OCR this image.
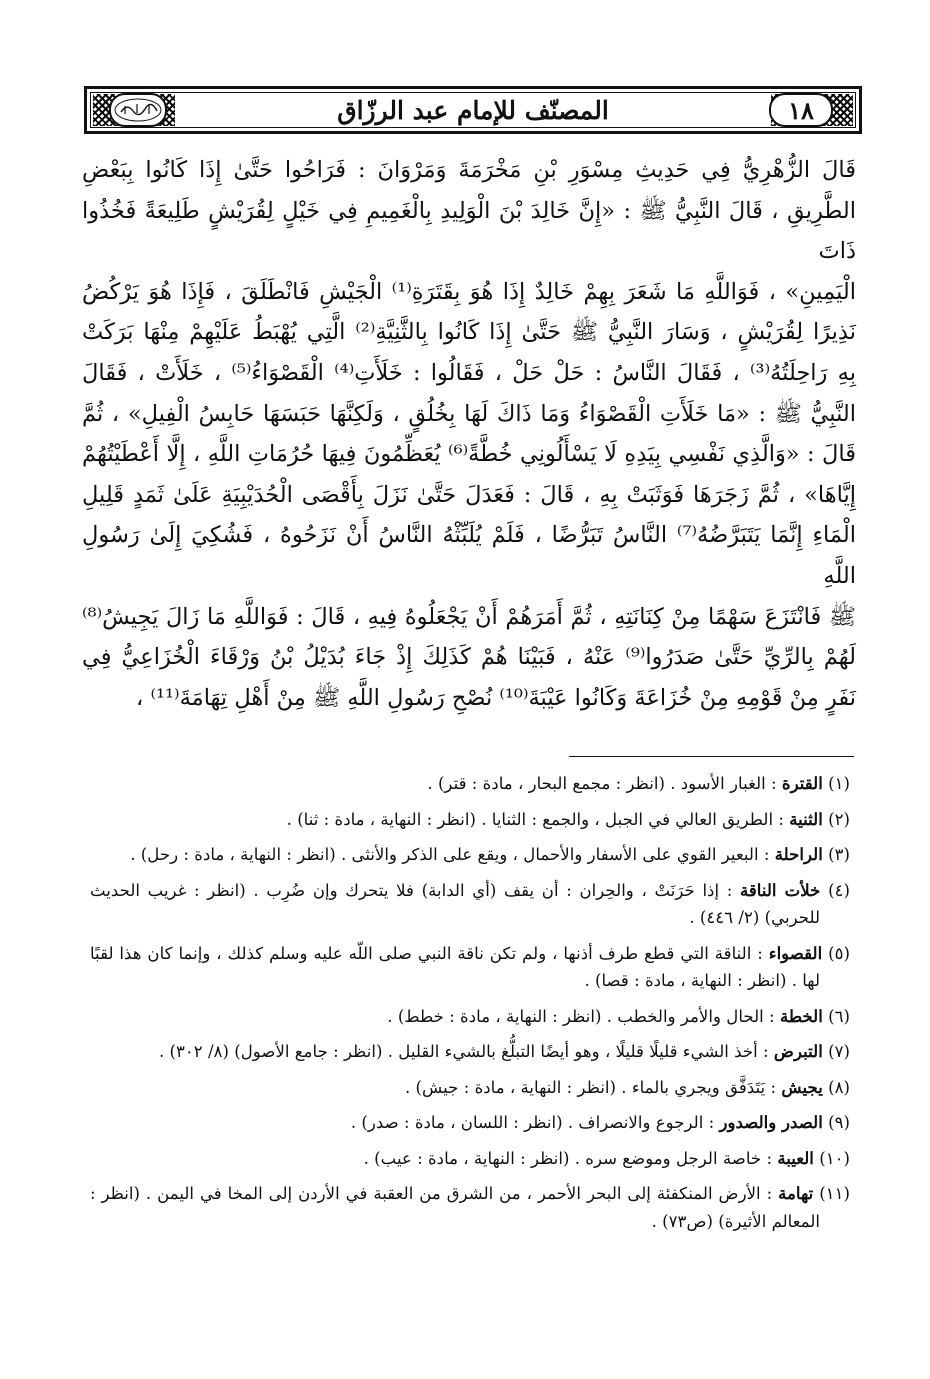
١٨
المصنّف للإمام عبد الرزّاق
قَالَ الزُّهْرِيُّ فِي حَدِيثِ مِسْوَرِ بْنِ مَخْرَمَةَ وَمَرْوَانَ : فَرَاحُوا حَتَّىٰ إِذَا كَانُوا بِبَعْضِ
الطَّرِيقِ ، قَالَ النَّبِيُّ ﷺ : «إِنَّ خَالِدَ بْنَ الْوَلِيدِ بِالْغَمِيمِ فِي خَيْلٍ لِقُرَيْشٍ طَلِيعَةً فَخُذُوا ذَاتَ
الْيَمِينِ» ، فَوَاللَّهِ مَا شَعَرَ بِهِمْ خَالِدٌ إِذَا هُوَ بِقَتَرَةِ⁽¹⁾ الْجَيْشِ فَانْطَلَقَ ، فَإِذَا هُوَ يَرْكُضُ
نَذِيرًا لِقُرَيْشٍ ، وَسَارَ النَّبِيُّ ﷺ حَتَّىٰ إِذَا كَانُوا بِالثَّنِيَّةِ⁽²⁾ الَّتِي يُهْبَطُ عَلَيْهِمْ مِنْهَا بَرَكَتْ
بِهِ رَاحِلَتُهُ⁽³⁾ ، فَقَالَ النَّاسُ : حَلْ حَلْ ، فَقَالُوا : خَلَأَتِ⁽⁴⁾ الْقَصْوَاءُ⁽⁵⁾ ، خَلَأَتْ ، فَقَالَ
النَّبِيُّ ﷺ : «مَا خَلَأَتِ الْقَصْوَاءُ وَمَا ذَاكَ لَهَا بِخُلُقٍ ، وَلَكِنَّهَا حَبَسَهَا حَابِسُ الْفِيلِ» ، ثُمَّ
قَالَ : «وَالَّذِي نَفْسِي بِيَدِهِ لَا يَسْأَلُونِي خُطَّةً⁽⁶⁾ يُعَظِّمُونَ فِيهَا حُرُمَاتِ اللَّهِ ، إِلَّا أَعْطَيْتُهُمْ
إِيَّاهَا» ، ثُمَّ زَجَرَهَا فَوَثَبَتْ بِهِ ، قَالَ : فَعَدَلَ حَتَّىٰ نَزَلَ بِأَقْصَى الْحُدَيْبِيَةِ عَلَىٰ ثَمَدٍ قَلِيلِ
الْمَاءِ إِنَّمَا يَتَبَرَّضُهُ⁽⁷⁾ النَّاسُ تَبَرُّضًا ، فَلَمْ يُلَبِّثْهُ النَّاسُ أَنْ نَزَحُوهُ ، فَشُكِيَ إِلَىٰ رَسُولِ اللَّهِ
ﷺ فَانْتَزَعَ سَهْمًا مِنْ كِنَانَتِهِ ، ثُمَّ أَمَرَهُمْ أَنْ يَجْعَلُوهُ فِيهِ ، قَالَ : فَوَاللَّهِ مَا زَالَ يَجِيشُ⁽⁸⁾
لَهُمْ بِالرِّيِّ حَتَّىٰ صَدَرُوا⁽⁹⁾ عَنْهُ ، فَبَيْنَا هُمْ كَذَلِكَ إِذْ جَاءَ بُدَيْلُ بْنُ وَرْقَاءَ الْخُزَاعِيُّ فِي
نَفَرٍ مِنْ قَوْمِهِ مِنْ خُزَاعَةَ وَكَانُوا عَيْبَةَ⁽¹⁰⁾ نُصْحِ رَسُولِ اللَّهِ ﷺ مِنْ أَهْلِ تِهَامَةَ⁽¹¹⁾ ،
(١) القترة : الغبار الأسود . (انظر : مجمع البحار ، مادة : قتر) .
(٢) الثنية : الطريق العالي في الجبل ، والجمع : الثنايا . (انظر : النهاية ، مادة : ثنا) .
(٣) الراحلة : البعير القوي على الأسفار والأحمال ، ويقع على الذكر والأنثى . (انظر : النهاية ، مادة : رحل) .
(٤) خلأت الناقة : إذا حَرَنَتْ ، والحِران : أن يقف (أي الدابة) فلا يتحرك وإن ضُرِب . (انظر : غريب الحديث للحربي) (٢/ ٤٤٦) .
(٥) القصواء : الناقة التي قطع طرف أذنها ، ولم تكن ناقة النبي صلى اللّه عليه وسلم كذلك ، وإنما كان هذا لقبًا لها . (انظر : النهاية ، مادة : قصا) .
(٦) الخطة : الحال والأمر والخطب . (انظر : النهاية ، مادة : خطط) .
(٧) التبرض : أخذ الشيء قليلًا قليلًا ، وهو أيضًا التبلُّغ بالشيء القليل . (انظر : جامع الأصول) (٨/ ٣٠٢) .
(٨) يجيش : يَتَدَفَّق ويجري بالماء . (انظر : النهاية ، مادة : جيش) .
(٩) الصدر والصدور : الرجوع والانصراف . (انظر : اللسان ، مادة : صدر) .
(١٠) العيبة : خاصة الرجل وموضع سره . (انظر : النهاية ، مادة : عيب) .
(١١) تهامة : الأرض المنكفئة إلى البحر الأحمر ، من الشرق من العقبة في الأردن إلى المخا في اليمن . (انظر : المعالم الأثيرة) (ص٧٣) .
